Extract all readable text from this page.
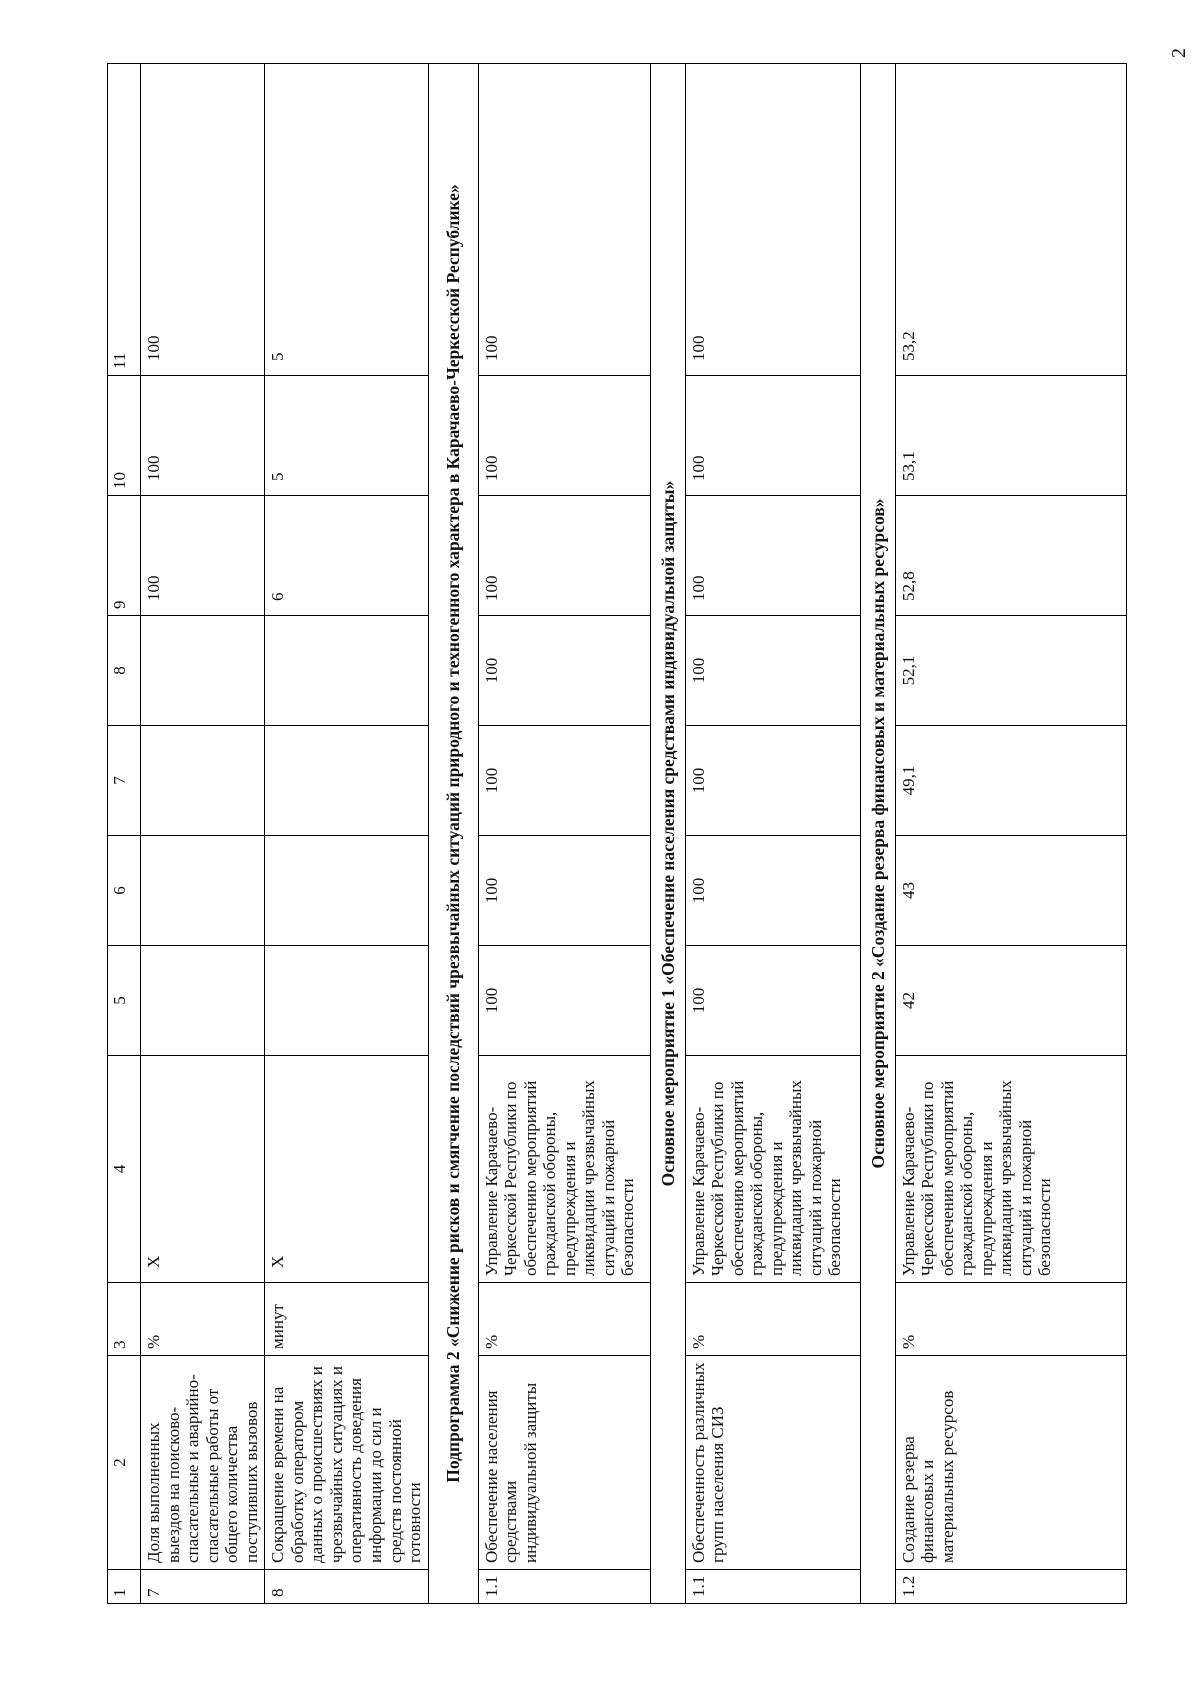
2
1	2	3	4	5	6	7	8	9	10	11
7	Доля выполненных выездов на поисково-спасательные и аварийно-спасательные работы от общего количества поступивших вызовов	%	X					100	100	100
8	Сокращение времени на обработку оператором данных о происшествиях и чрезвычайных ситуациях и оперативность доведения информации до сил и средств постоянной готовности	минут	X					6	5	5
Подпрограмма 2 «Снижение рисков и смягчение последствий чрезвычайных ситуаций природного и техногенного характера в Карачаево-Черкесской Республике»										
1.1	Обеспечение населения средствами индивидуальной защиты	%	Управление Карачаево-Черкесской Республики по обеспечению мероприятий гражданской обороны, предупреждения и ликвидации чрезвычайных ситуаций и пожарной безопасности	100	100	100	100	100	100	100
Основное мероприятие 1 «Обеспечение населения средствами индивидуальной защиты»										
1.1	Обеспеченность различных групп населения СИЗ	%	Управление Карачаево-Черкесской Республики по обеспечению мероприятий гражданской обороны, предупреждения и ликвидации чрезвычайных ситуаций и пожарной безопасности	100	100	100	100	100	100	100
Основное мероприятие 2 «Создание резерва финансовых и материальных ресурсов»										
1.2	Создание резерва финансовых и материальных ресурсов	%	Управление Карачаево-Черкесской Республики по обеспечению мероприятий гражданской обороны, предупреждения и ликвидации чрезвычайных ситуаций и пожарной безопасности	42	43	49,1	52,1	52,8	53,1	53,2
